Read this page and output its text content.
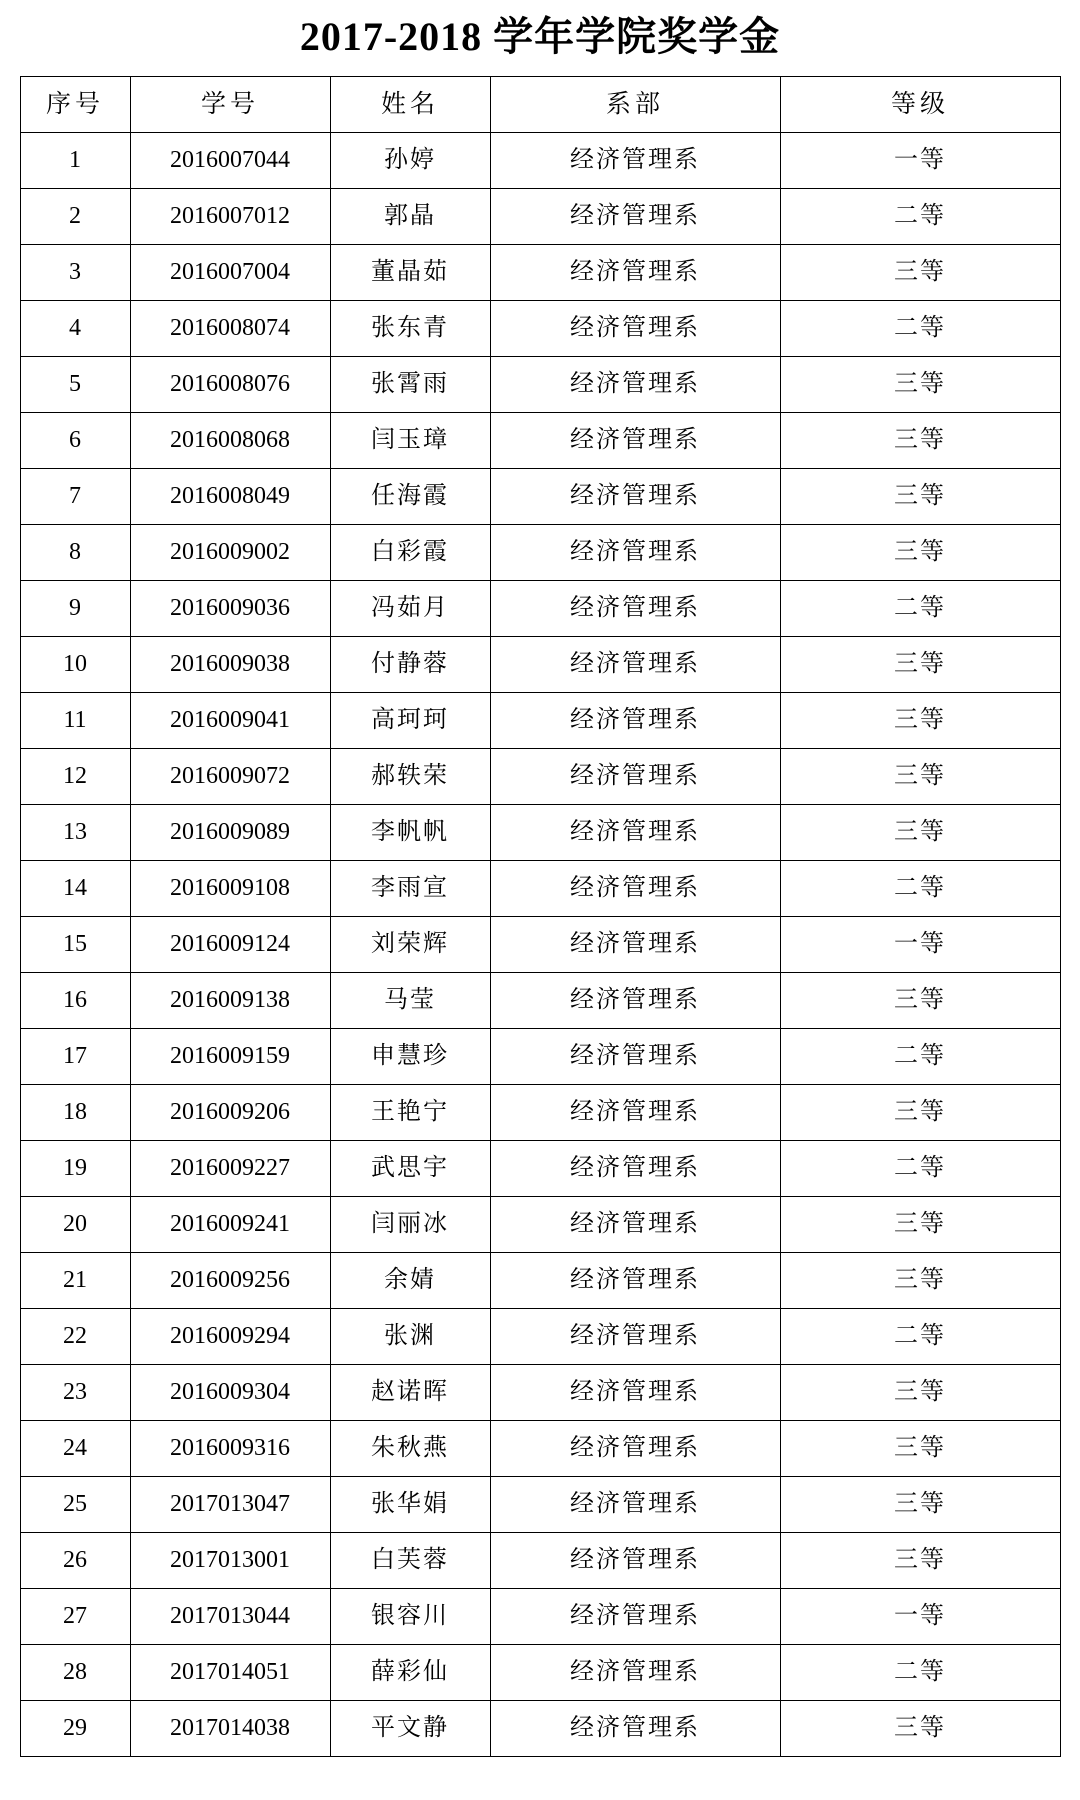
2017-2018 学年学院奖学金
序号	学号	姓名	系部	等级
1	2016007044	孙婷	经济管理系	一等
2	2016007012	郭晶	经济管理系	二等
3	2016007004	董晶茹	经济管理系	三等
4	2016008074	张东青	经济管理系	二等
5	2016008076	张霄雨	经济管理系	三等
6	2016008068	闫玉璋	经济管理系	三等
7	2016008049	任海霞	经济管理系	三等
8	2016009002	白彩霞	经济管理系	三等
9	2016009036	冯茹月	经济管理系	二等
10	2016009038	付静蓉	经济管理系	三等
11	2016009041	高珂珂	经济管理系	三等
12	2016009072	郝轶荣	经济管理系	三等
13	2016009089	李帆帆	经济管理系	三等
14	2016009108	李雨宣	经济管理系	二等
15	2016009124	刘荣辉	经济管理系	一等
16	2016009138	马莹	经济管理系	三等
17	2016009159	申慧珍	经济管理系	二等
18	2016009206	王艳宁	经济管理系	三等
19	2016009227	武思宇	经济管理系	二等
20	2016009241	闫丽冰	经济管理系	三等
21	2016009256	余婧	经济管理系	三等
22	2016009294	张渊	经济管理系	二等
23	2016009304	赵诺晖	经济管理系	三等
24	2016009316	朱秋燕	经济管理系	三等
25	2017013047	张华娟	经济管理系	三等
26	2017013001	白芙蓉	经济管理系	三等
27	2017013044	银容川	经济管理系	一等
28	2017014051	薛彩仙	经济管理系	二等
29	2017014038	平文静	经济管理系	三等
